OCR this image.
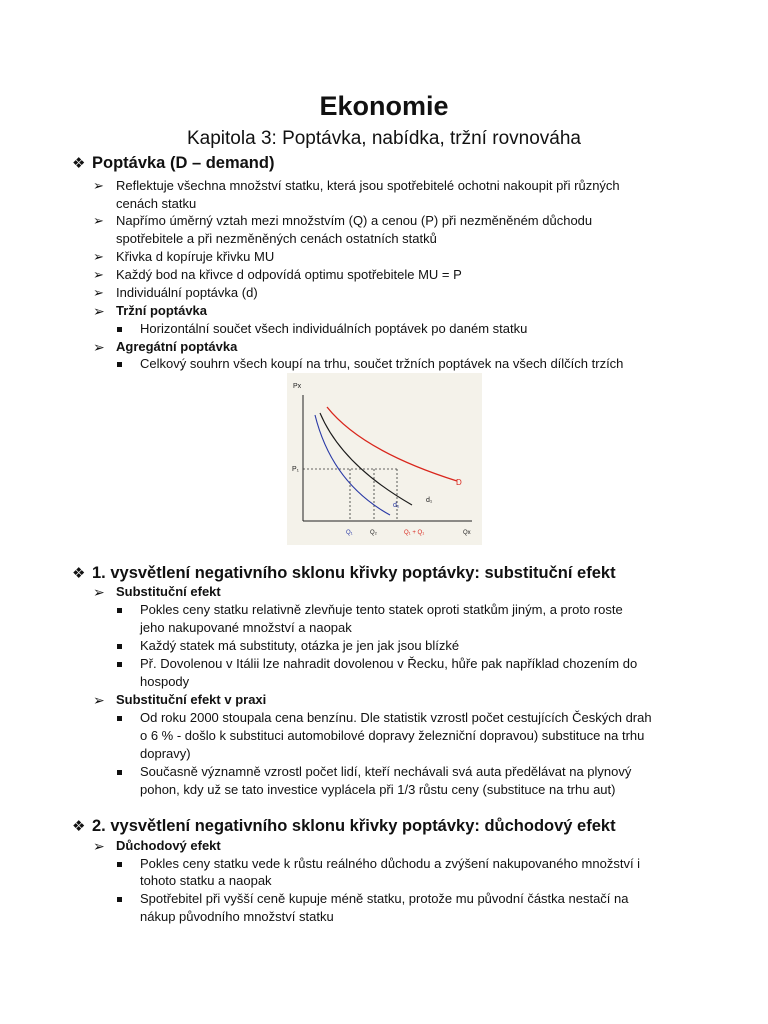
Ekonomie
Kapitola 3: Poptávka, nabídka, tržní rovnováha
❖ Poptávka (D – demand)
➢ Reflektuje všechna množství statku, která jsou spotřebitelé ochotni nakoupit při různých
cenách statku
➢ Napřímo úměrný vztah mezi množstvím (Q) a cenou (P) při nezměněném důchodu
spotřebitele a při nezměněných cenách ostatních statků
➢ Křivka d kopíruje křivku MU
➢ Každý bod na křivce d odpovídá optimu spotřebitele MU = P
➢ Individuální poptávka (d)
➢ Tržní poptávka
Horizontální součet všech individuálních poptávek po daném statku
➢ Agregátní poptávka
Celkový souhrn všech koupí na trhu, součet tržních poptávek na všech dílčích trzích
Px
P₁
d₁
d₁
D
Q₁	Q₂	Q₁ + Q₁	Qx
❖ 1. vysvětlení negativního sklonu křivky poptávky: substituční efekt
➢ Substituční efekt
Pokles ceny statku relativně zlevňuje tento statek oproti statkům jiným, a proto roste
jeho nakupované množství a naopak
Každý statek má substituty, otázka je jen jak jsou blízké
Př. Dovolenou v Itálii lze nahradit dovolenou v Řecku, hůře pak například chozením do
hospody
➢ Substituční efekt v praxi
Od roku 2000 stoupala cena benzínu. Dle statistik vzrostl počet cestujících Českých drah
o 6 % - došlo k substituci automobilové dopravy železniční dopravou) substituce na trhu
dopravy)
Současně významně vzrostl počet lidí, kteří nechávali svá auta předělávat na plynový
pohon, kdy už se tato investice vyplácela při 1/3 růstu ceny (substituce na trhu aut)
❖ 2. vysvětlení negativního sklonu křivky poptávky: důchodový efekt
➢ Důchodový efekt
Pokles ceny statku vede k růstu reálného důchodu a zvýšení nakupovaného množství i
tohoto statku a naopak
Spotřebitel při vyšší ceně kupuje méně statku, protože mu původní částka nestačí na
nákup původního množství statku
